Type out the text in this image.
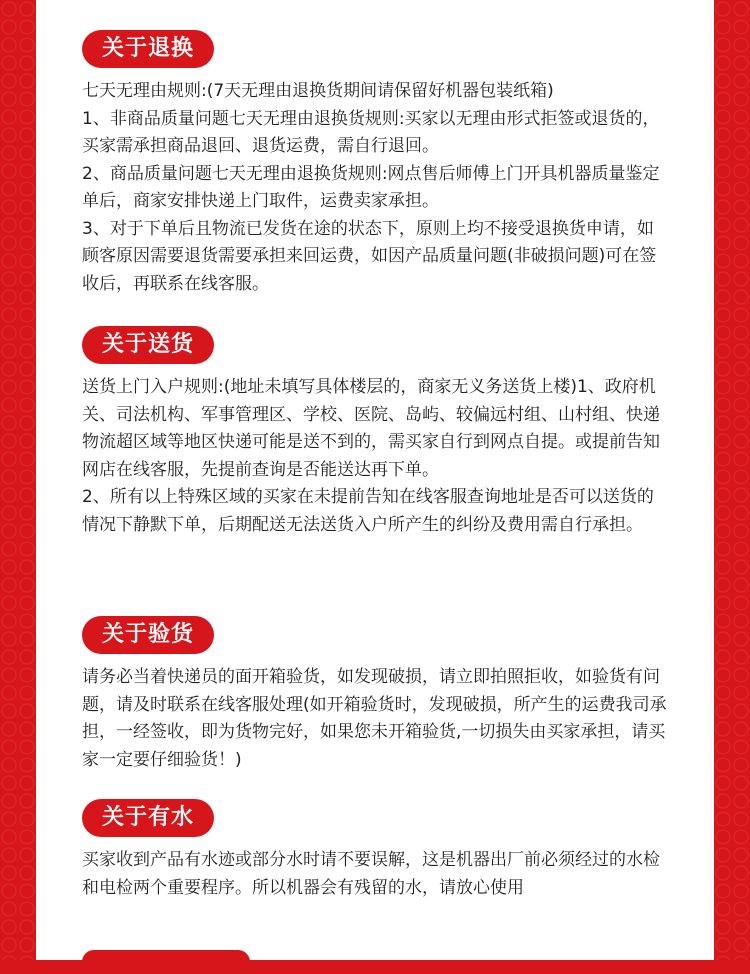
关于退换

七天无理由规则:(7天无理由退换货期间请保留好机器包装纸箱)

1、非商品质量问题七天无理由退换货规则:买家以无理由形式拒签或退货的，买家需承担商品退回、退货运费，需自行退回。

2、商品质量问题七天无理由退换货规则:网点售后师傅上门开具机器质量鉴定单后，商家安排快递上门取件，运费卖家承担。

3、对于下单后且物流已发货在途的状态下，原则上均不接受退换货申请，如顾客原因需要退货需要承担来回运费，如因产品质量问题(非破损问题)可在签收后，再联系在线客服。

关于送货

送货上门入户规则:(地址未填写具体楼层的，商家无义务送货上楼)1、政府机关、司法机构、军事管理区、学校、医院、岛屿、较偏远村组、山村组、快递物流超区域等地区快递可能是送不到的，需买家自行到网点自提。或提前告知网店在线客服，先提前查询是否能送达再下单。

2、所有以上特殊区域的买家在未提前告知在线客服查询地址是否可以送货的情况下静默下单，后期配送无法送货入户所产生的纠纷及费用需自行承担。

关于验货

请务必当着快递员的面开箱验货，如发现破损，请立即拍照拒收，如验货有问题，请及时联系在线客服处理(如开箱验货时，发现破损，所产生的运费我司承担，一经签收，即为货物完好，如果您未开箱验货,一切损失由买家承担，请买家一定要仔细验货！)

关于有水

买家收到产品有水迹或部分水时请不要误解，这是机器出厂前必须经过的水检和电检两个重要程序。所以机器会有残留的水，请放心使用
